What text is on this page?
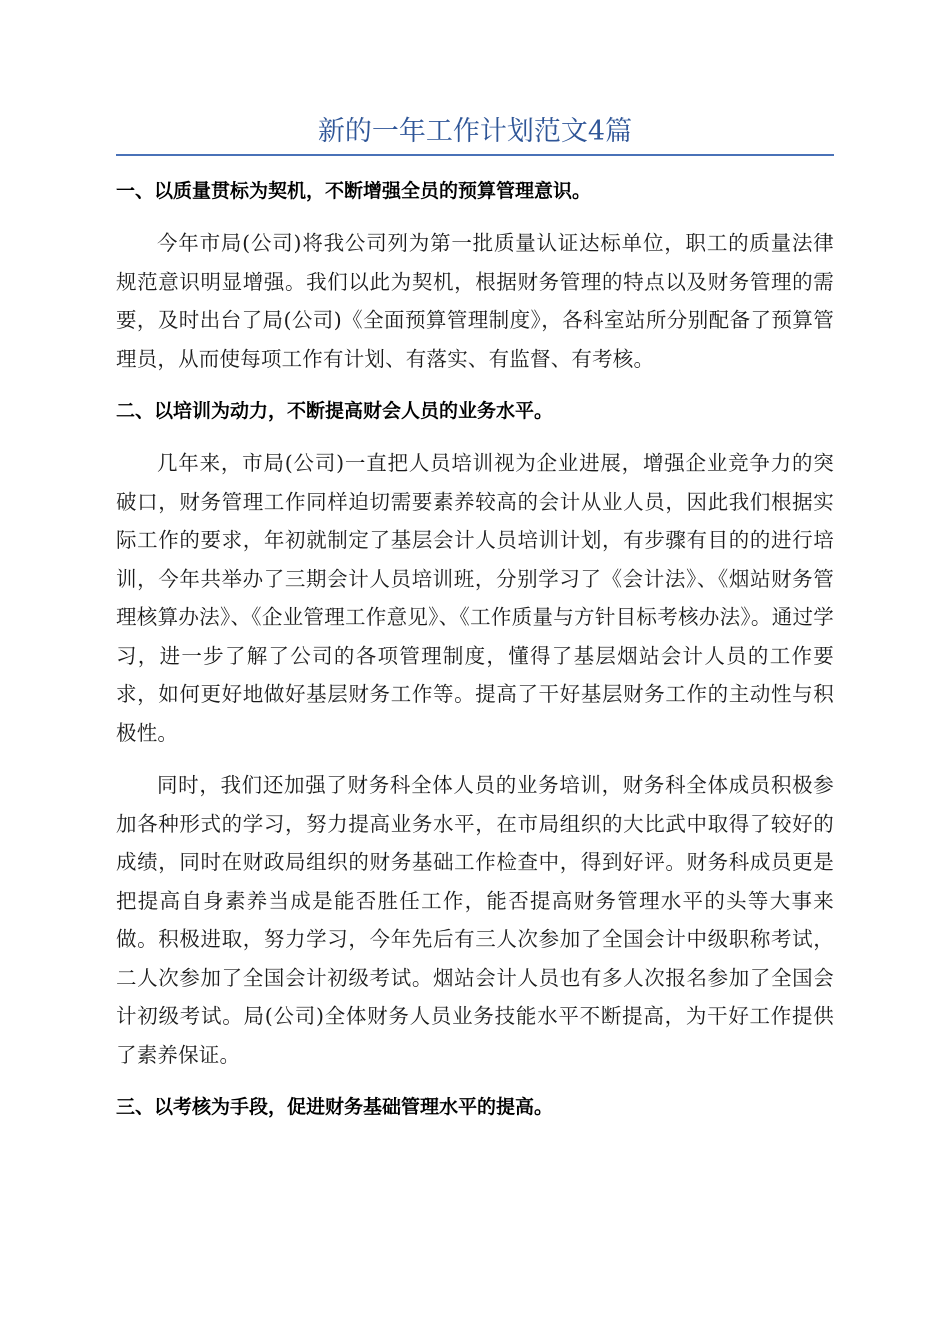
新的一年工作计划范文4篇
一、以质量贯标为契机，不断增强全员的预算管理意识。

今年市局(公司)将我公司列为第一批质量认证达标单位，职工的质量法律规范意识明显增强。我们以此为契机，根据财务管理的特点以及财务管理的需要，及时出台了局(公司)《全面预算管理制度》，各科室站所分别配备了预算管理员，从而使每项工作有计划、有落实、有监督、有考核。

二、以培训为动力，不断提高财会人员的业务水平。

几年来，市局(公司)一直把人员培训视为企业进展，增强企业竞争力的突破口，财务管理工作同样迫切需要素养较高的会计从业人员，因此我们根据实际工作的要求，年初就制定了基层会计人员培训计划，有步骤有目的的进行培训，今年共举办了三期会计人员培训班，分别学习了《会计法》、《烟站财务管理核算办法》、《企业管理工作意见》、《工作质量与方针目标考核办法》。通过学习，进一步了解了公司的各项管理制度，懂得了基层烟站会计人员的工作要求，如何更好地做好基层财务工作等。提高了干好基层财务工作的主动性与积极性。

同时，我们还加强了财务科全体人员的业务培训，财务科全体成员积极参加各种形式的学习，努力提高业务水平，在市局组织的大比武中取得了较好的成绩，同时在财政局组织的财务基础工作检查中，得到好评。财务科成员更是把提高自身素养当成是能否胜任工作，能否提高财务管理水平的头等大事来做。积极进取，努力学习，今年先后有三人次参加了全国会计中级职称考试，二人次参加了全国会计初级考试。烟站会计人员也有多人次报名参加了全国会计初级考试。局(公司)全体财务人员业务技能水平不断提高，为干好工作提供了素养保证。

三、以考核为手段，促进财务基础管理水平的提高。
